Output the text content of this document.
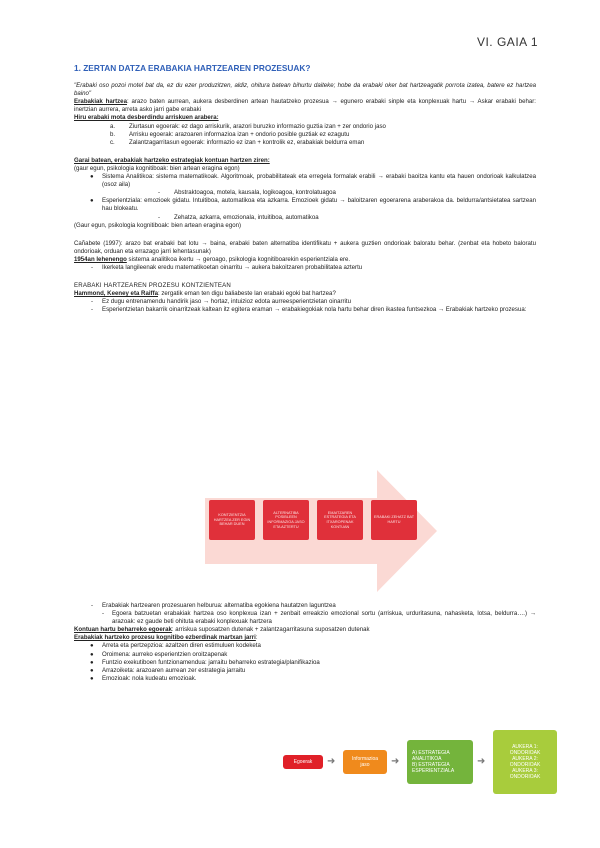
VI. GAIA 1

1. ZERTAN DATZA ERABAKIA HARTZEAREN PROZESUAK?

"Erabaki oso pozoi motel bat da, ez du ezer produzitzen, aldiz, ohitura batean bihurtu daiteke; hobe da erabaki oker bat hartzeagatik porrota izatea, batere ez hartzea baino"

Erabakiak hartzea: arazo baten aurrean, aukera desberdinen artean hautatzeko prozesua → egunero erabaki sinple eta konplexuak hartu → Askar erabaki behar: inertzian aurrera, arreta asko jarri gabe erabaki

Hiru erabaki mota desberdindu arriskuen arabera:

a. Ziurtasun egoerak: ez dago arriskurik, arazori buruzko informazio guztia izan + zer ondorio jaso
b. Arrisku egoerak: arazoaren informazioa izan + ondorio posible guztiak ez ezagutu
c. Zalantzagarritasun egoerak: informazio ez izan + kontrolik ez, erabakiak beldurra eman

Garai batean, erabakiak hartzeko estrategiak kontuan hartzen ziren:

(gaur egun, psikologia kognitiboak: bien artean eragina egon)

● Sistema Analitikoa: sistema matematikoak. Algoritmoak, probabilitateak eta erregela formalak erabili → erabaki baoitza kantu eta hauen ondorioak kalkulatzea (osoz aila)
- Abstraktoagoa, motela, kausala, logikoagoa, kontrolatuagoa
● Esperientziala: emozioek gidatu. Intuitiboa, automatikoa eta azkarra. Emozioek gidatu → baloitzaren egoerarena araberakoa da. beldurra/antsietatea sartzean hau blokeatu.
- Zehatza, azkarra, emozionala, intuitiboa, automatikoa

(Gaur egun, psikologia kognitiboak: bien artean eragina egon)

Cañabete (1997): arazo bat erabaki bat lotu → baina, erabaki baten alternatiba identifikatu + aukera guztien ondorioak baloratu behar. (zenbat eta hobeto baloratu ondorioak, orduan eta errazago jarri lehentasunak)

1954an lehenengo sistema analitikoa ikertu → geroago, psikologia kognitiboarekin esperientziala ere.

- Ikerketa langileenak eredu matematikoetan oinarritu → aukera bakoitzaren probabilitatea aztertu

ERABAKI HARTZEAREN PROZESU KONTZIENTEAN

Hammond, Keeney eta Raiffa: zergatik eman ten digu baliabeste lan erabaki egoki bat hartzea?

- Ez dugu entrenamendu handirik jaso → hortaz, intuizioz edota aurreesperientzietan oinarritu
- Esperientzietan bakarrik oinarritzeak kaltean itz egitera eraman → erabakiegokiak nola hartu behar diren ikastea funtsezkoa → Erabakiak hartzeko prozesua:
KONTZIENTZIA HARTZEA ZER EGIN BEHAR DUEN
ALTERNATIBA POSIBLEEN INFORMAZIOA JASO ETA AZTERTU
EMAITZAREN ESTRATEGIA ETA ITXAROPENAK KONTUAN
ERABAKI ZEHATZ BAT HARTU
- Erabakiak hartzearen prozesuaren helburua: alternatiba egokiena hautatzen laguntzea
- Egoera batzuetan erabakiak hartzea oso konplexua izan + zenbait erreakzio emozional sortu (arriskua, urduritasuna, nahasketa, lotsa, beldurra….) → arazoak: ez gaude beti ohituta erabaki konplexuak hartzera

Kontuan hartu beharreko egoerak: arriskua suposatzen dutenak + zalantzagarritasuna suposatzen dutenak

Erabakiak hartzeko prozesu kognitibo ezberdinak martxan jarri:

● Arreta eta pertzepzioa: azaltzen diren estimuluen kodeketa
● Oroimena: aurreko esperientzien oroitzapenak
● Funtzio exekutiboen funtzionamendua: jarraitu beharreko estrategia/planifikazioa
● Arrazoiketa: arazoaren aurrean zer estrategia jarraitu
● Emozioak: nola kudeatu emozioak.
Egoerak ➜	Informazioa
jaso ➜
A) ESTRATEGIA
ANALITIKOA
B) ESTRATEGIA
ESPERIENTZIALA
➜
AUKERA 1:
ONDORIOAK
AUKERA 2:
ONDORIOAK
AUKERA 3:
ONDORIOAK
